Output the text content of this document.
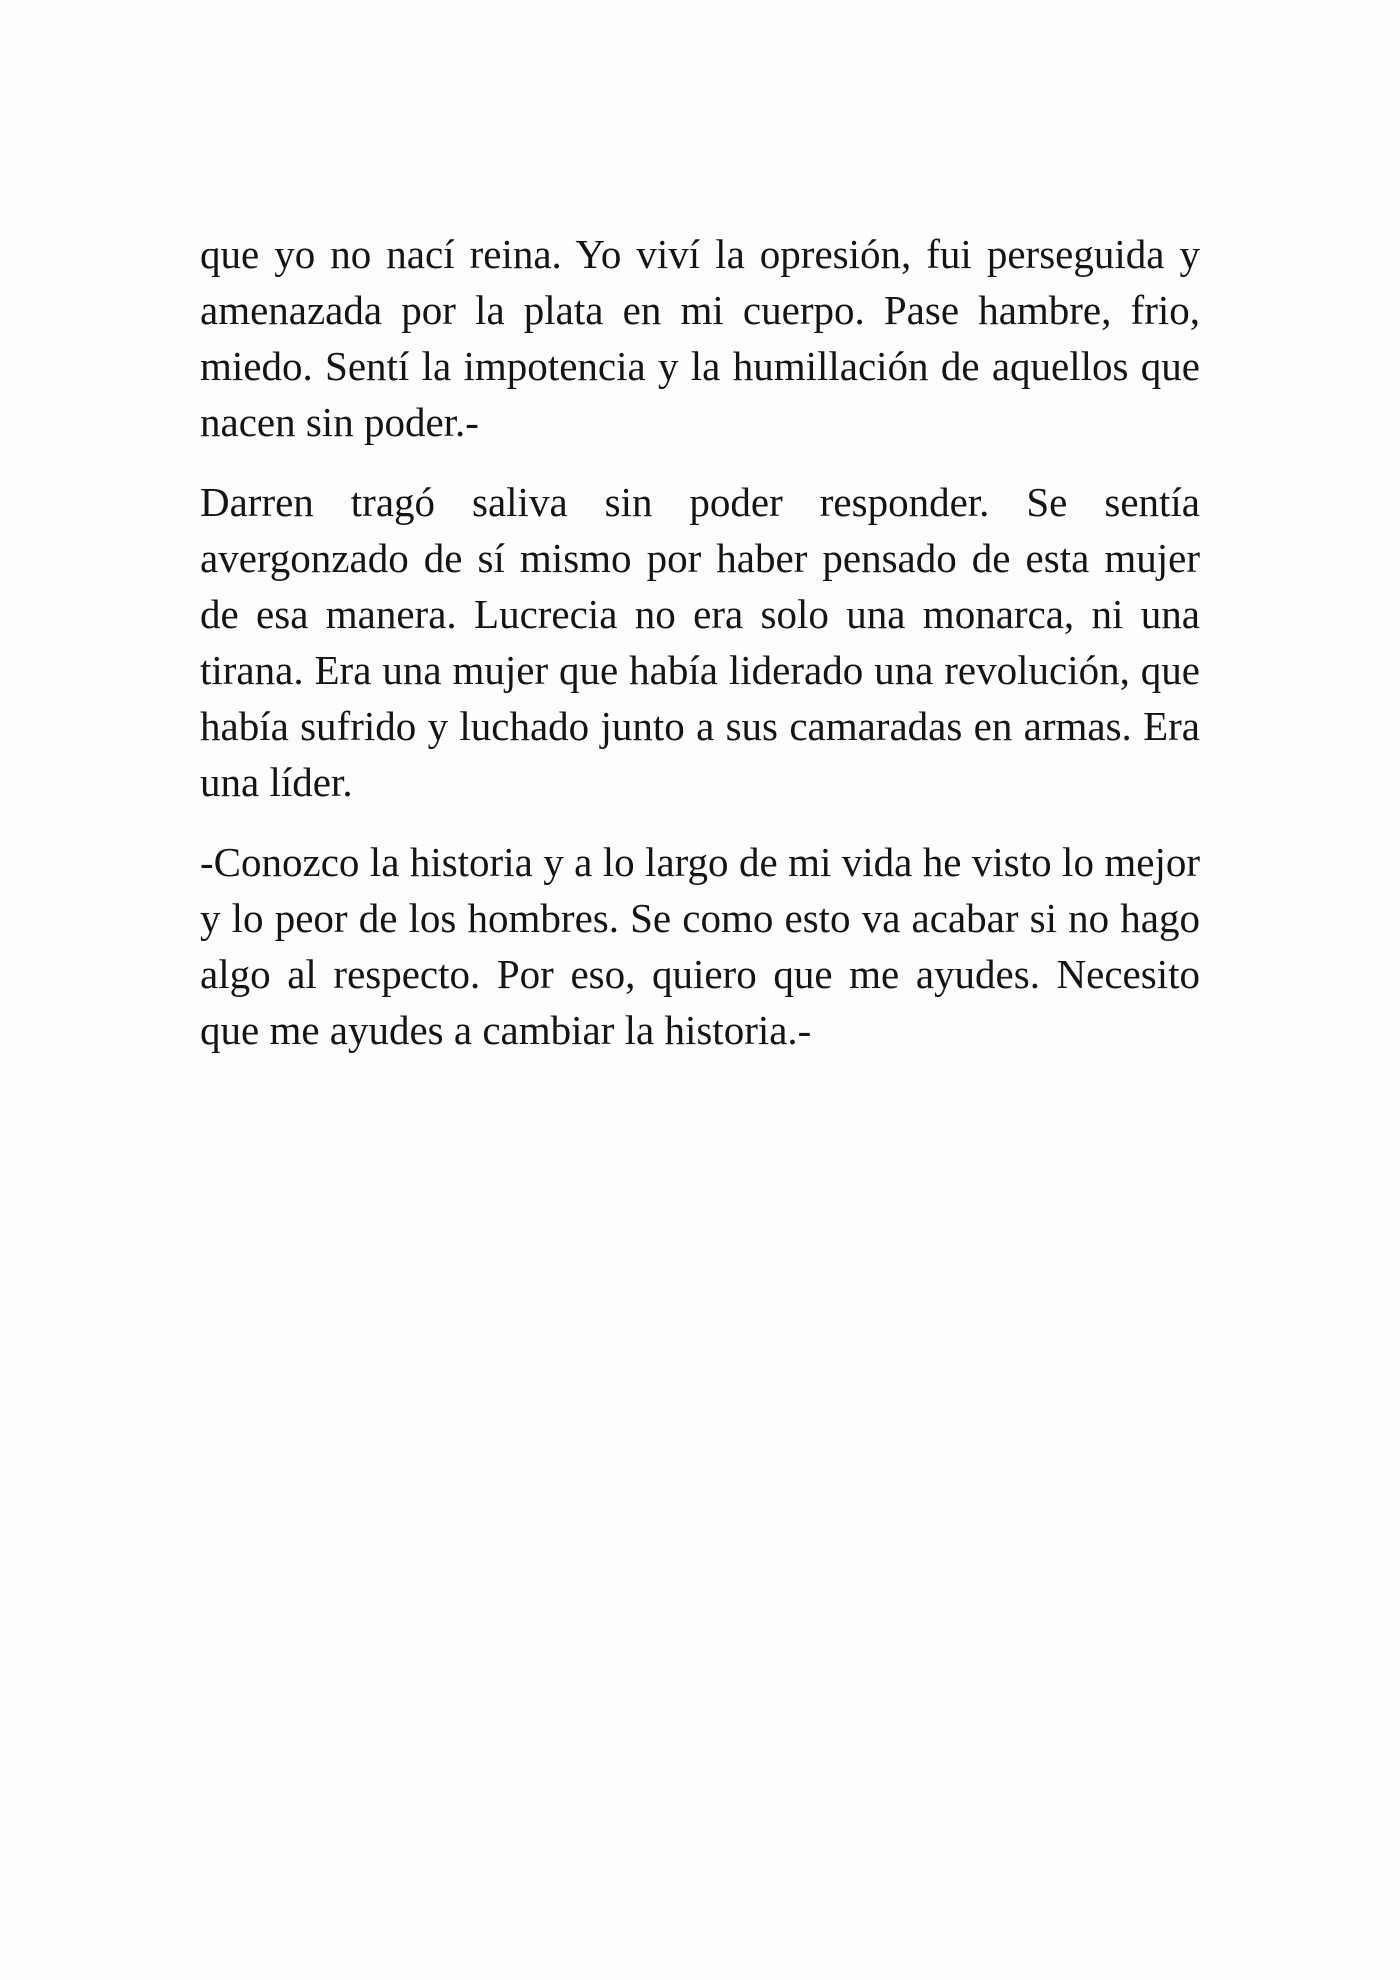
que yo no nací reina. Yo viví la opresión, fui perseguida y amenazada por la plata en mi cuerpo. Pase hambre, frio, miedo. Sentí la impotencia y la humillación de aquellos que nacen sin poder.-

Darren tragó saliva sin poder responder. Se sentía avergonzado de sí mismo por haber pensado de esta mujer de esa manera. Lucrecia no era solo una monarca, ni una tirana. Era una mujer que había liderado una revolución, que había sufrido y luchado junto a sus camaradas en armas. Era una líder.

-Conozco la historia y a lo largo de mi vida he visto lo mejor y lo peor de los hombres. Se como esto va acabar si no hago algo al respecto. Por eso, quiero que me ayudes. Necesito que me ayudes a cambiar la historia.-
